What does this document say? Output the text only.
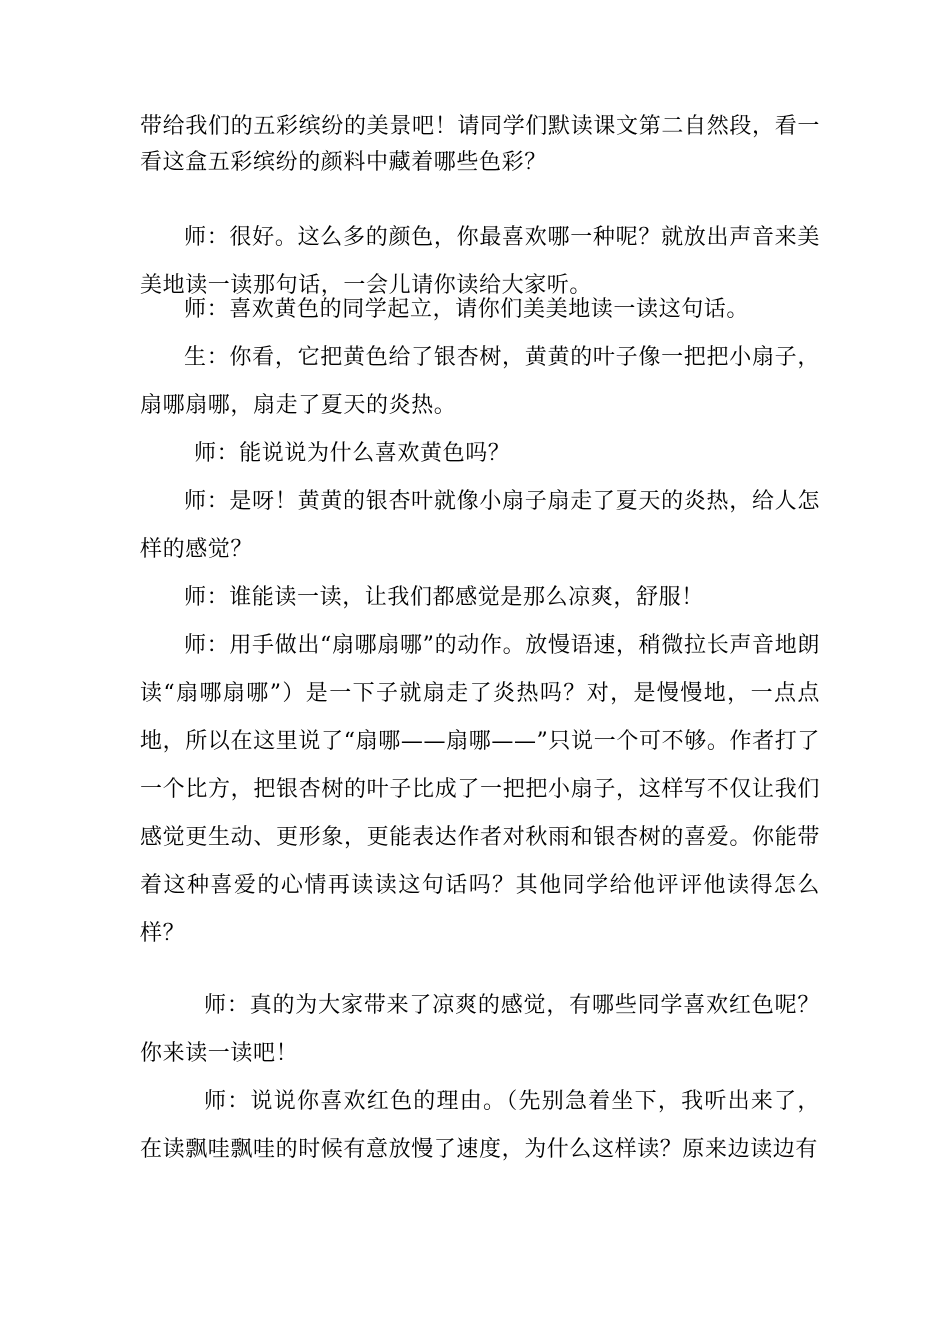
带给我们的五彩缤纷的美景吧！请同学们默读课文第二自然段，看一看这盒五彩缤纷的颜料中藏着哪些色彩？

师：很好。这么多的颜色，你最喜欢哪一种呢？就放出声音来美美地读一读那句话，一会儿请你读给大家听。

师：喜欢黄色的同学起立，请你们美美地读一读这句话。

生：你看，它把黄色给了银杏树，黄黄的叶子像一把把小扇子，扇哪扇哪，扇走了夏天的炎热。

师：能说说为什么喜欢黄色吗？

师：是呀！黄黄的银杏叶就像小扇子扇走了夏天的炎热，给人怎样的感觉？

师：谁能读一读，让我们都感觉是那么凉爽，舒服！

师：用手做出“扇哪扇哪”的动作。放慢语速，稍微拉长声音地朗读“扇哪扇哪”）是一下子就扇走了炎热吗？对，是慢慢地，一点点地，所以在这里说了“扇哪——扇哪——”只说一个可不够。作者打了一个比方，把银杏树的叶子比成了一把把小扇子，这样写不仅让我们感觉更生动、更形象，更能表达作者对秋雨和银杏树的喜爱。你能带着这种喜爱的心情再读读这句话吗？其他同学给他评评他读得怎么样？

师：真的为大家带来了凉爽的感觉，有哪些同学喜欢红色呢？你来读一读吧！

师：说说你喜欢红色的理由。（先别急着坐下，我听出来了，在读飘哇飘哇的时候有意放慢了速度，为什么这样读？原来边读边有
